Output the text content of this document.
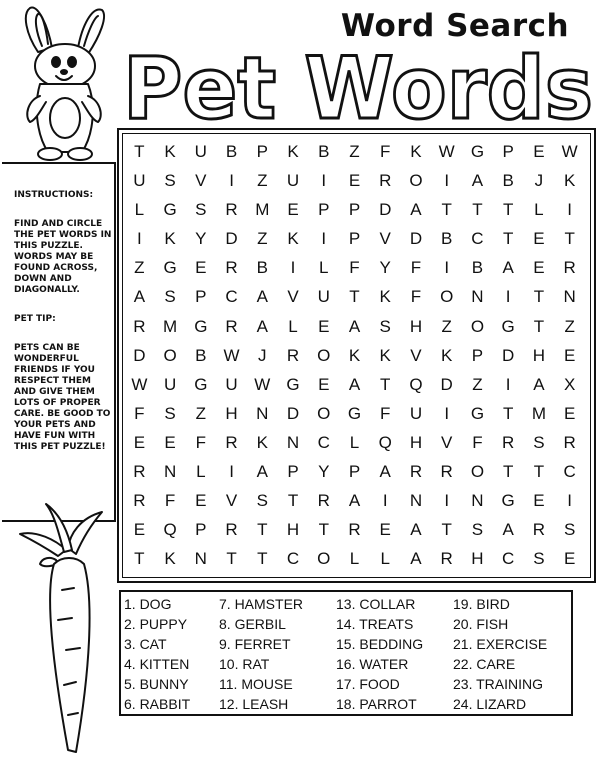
Word Search
Pet Words
INSTRUCTIONS:
FIND AND CIRCLE THE PET WORDS IN THIS PUZZLE. WORDS MAY BE FOUND ACROSS, DOWN AND DIAGONALLY.
PET TIP:
PETS CAN BE WONDERFUL FRIENDS IF YOU RESPECT THEM AND GIVE THEM LOTS OF PROPER CARE. BE GOOD TO YOUR PETS AND HAVE FUN WITH THIS PET PUZZLE!
T	K	U	B	P	K	B	Z	F	K	W G	P	E	W
U	S	V	I	Z	U	I	E	R	O	I	A	B	J	K
L	G	S	R	M	E	P	P	D	A	T	T	T	L	I
I	K	Y	D	Z	K	I	P	V	D	B	C	T	E	T
Z	G	E	R	B	I	L	F	Y	F	I	B	A	E	R
A	S	P	C	A	V	U	T	K	F	O	N	I	T	N
R	M	G	R	A	L	E	A	S	H	Z	O	G	T	Z
D	O	B	W	J	R	O	K	K	V	K	P	D	H	E
W U	G	U W G	E	A	T	Q	D	Z	I	A	X
F	S	Z	H	N	D	O	G	F	U	I	G	T	M	E
E	E	F	R	K	N	C	L	Q	H	V	F	R	S	R
R	N	L	I	A	P	Y	P	A	R	R	O	T	T	C
R	F	E	V	S	T	R	A	I	N	I	N	G	E	I
E	Q	P	R	T	H	T	R	E	A	T	S	A	R	S
T	K	N	T	T	C	O	L	L	A	R	H	C	S	E
1. DOG
2. PUPPY
3. CAT
4. KITTEN
5. BUNNY
6. RABBIT
7. HAMSTER
8. GERBIL
9. FERRET
10. RAT
11. MOUSE
12. LEASH
13. COLLAR
14. TREATS
15. BEDDING
16. WATER
17. FOOD
18. PARROT
19. BIRD
20. FISH
21. EXERCISE
22. CARE
23. TRAINING
24. LIZARD
